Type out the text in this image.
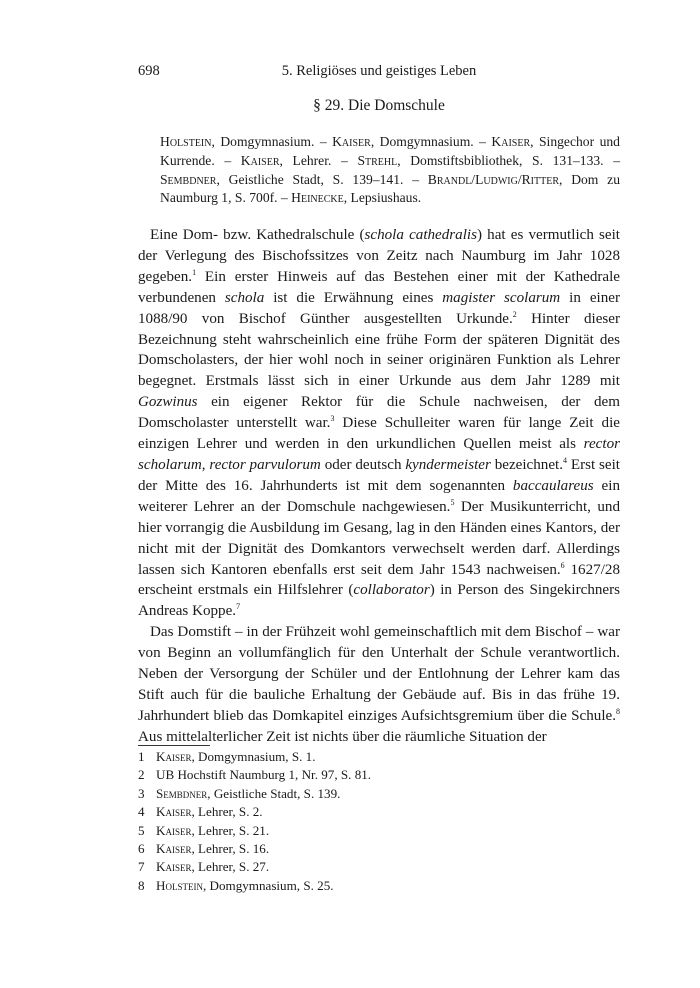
698	5. Religiöses und geistiges Leben
§ 29. Die Domschule
Holstein, Domgymnasium. – Kaiser, Domgymnasium. – Kaiser, Singechor und Kurrende. – Kaiser, Lehrer. – Strehl, Domstiftsbibliothek, S. 131–133. – Sembdner, Geistliche Stadt, S. 139–141. – Brandl/Ludwig/Ritter, Dom zu Naumburg 1, S. 700f. – Heinecke, Lepsiushaus.

Eine Dom- bzw. Kathedralschule (schola cathedralis) hat es vermutlich seit der Verlegung des Bischofssitzes von Zeitz nach Naumburg im Jahr 1028 gegeben.$^1$ Ein erster Hinweis auf das Bestehen einer mit der Kathedrale verbundenen schola ist die Erwähnung eines magister scolarum in einer 1088/90 von Bischof Günther ausgestellten Urkunde.$^2$ Hinter dieser Bezeichnung steht wahrscheinlich eine frühe Form der späteren Dignität des Domscholasters, der hier wohl noch in seiner originären Funktion als Lehrer begegnet. Erstmals lässt sich in einer Urkunde aus dem Jahr 1289 mit Gozwinus ein eigener Rektor für die Schule nachweisen, der dem Domscholaster unterstellt war.$^3$ Diese Schulleiter waren für lange Zeit die einzigen Lehrer und werden in den urkundlichen Quellen meist als rector scholarum, rector parvulorum oder deutsch kyndermeister bezeichnet.$^4$ Erst seit der Mitte des 16. Jahrhunderts ist mit dem sogenannten baccaulareus ein weiterer Lehrer an der Domschule nachgewiesen.$^5$ Der Musikunterricht, und hier vorrangig die Ausbildung im Gesang, lag in den Händen eines Kantors, der nicht mit der Dignität des Domkantors verwechselt werden darf. Allerdings lassen sich Kantoren ebenfalls erst seit dem Jahr 1543 nachweisen.$^6$ 1627/28 erscheint erstmals ein Hilfslehrer (collaborator) in Person des Singekirchners Andreas Koppe.$^7$

Das Domstift – in der Frühzeit wohl gemeinschaftlich mit dem Bischof – war von Beginn an vollumfänglich für den Unterhalt der Schule verantwortlich. Neben der Versorgung der Schüler und der Entlohnung der Lehrer kam das Stift auch für die bauliche Erhaltung der Gebäude auf. Bis in das frühe 19. Jahrhundert blieb das Domkapitel einziges Aufsichtsgremium über die Schule.$^8$ Aus mittelalterlicher Zeit ist nichts über die räumliche Situation der

1 Kaiser, Domgymnasium, S. 1.
2 UB Hochstift Naumburg 1, Nr. 97, S. 81.
3 Sembdner, Geistliche Stadt, S. 139.
4 Kaiser, Lehrer, S. 2.
5 Kaiser, Lehrer, S. 21.
6 Kaiser, Lehrer, S. 16.
7 Kaiser, Lehrer, S. 27.
8 Holstein, Domgymnasium, S. 25.
